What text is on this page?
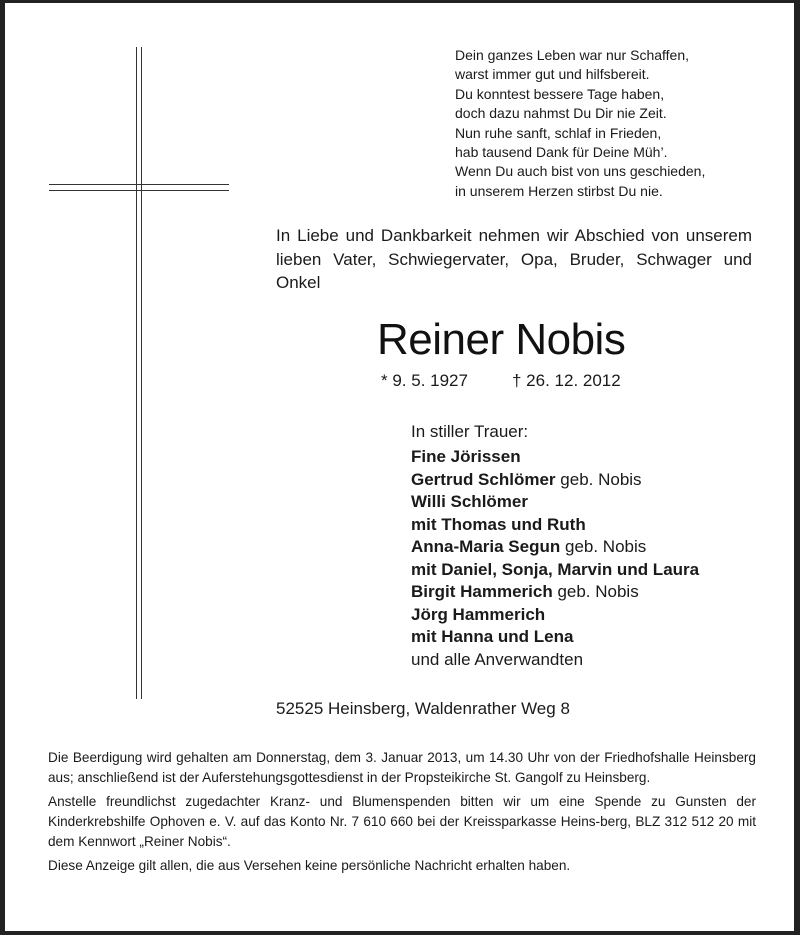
Dein ganzes Leben war nur Schaffen,
warst immer gut und hilfsbereit.
Du konntest bessere Tage haben,
doch dazu nahmst Du Dir nie Zeit.
Nun ruhe sanft, schlaf in Frieden,
hab tausend Dank für Deine Müh’.
Wenn Du auch bist von uns geschieden,
in unserem Herzen stirbst Du nie.
In Liebe und Dankbarkeit nehmen wir Abschied von unserem lieben Vater, Schwiegervater, Opa, Bruder, Schwager und Onkel
Reiner Nobis
* 9. 5. 1927	† 26. 12. 2012
In stiller Trauer:
Fine Jörissen
Gertrud Schlömer geb. Nobis
Willi Schlömer
mit Thomas und Ruth
Anna-Maria Segun geb. Nobis
mit Daniel, Sonja, Marvin und Laura
Birgit Hammerich geb. Nobis
Jörg Hammerich
mit Hanna und Lena
und alle Anverwandten
52525 Heinsberg, Waldenrather Weg 8

Die Beerdigung wird gehalten am Donnerstag, dem 3. Januar 2013, um 14.30 Uhr von der Friedhofshalle Heinsberg aus; anschließend ist der Auferstehungsgottesdienst in der Propsteikirche St. Gangolf zu Heinsberg.

Anstelle freundlichst zugedachter Kranz- und Blumenspenden bitten wir um eine Spende zu Gunsten der Kinderkrebshilfe Ophoven e. V. auf das Konto Nr. 7 610 660 bei der Kreissparkasse Heins-berg, BLZ 312 512 20 mit dem Kennwort „Reiner Nobis“.

Diese Anzeige gilt allen, die aus Versehen keine persönliche Nachricht erhalten haben.
